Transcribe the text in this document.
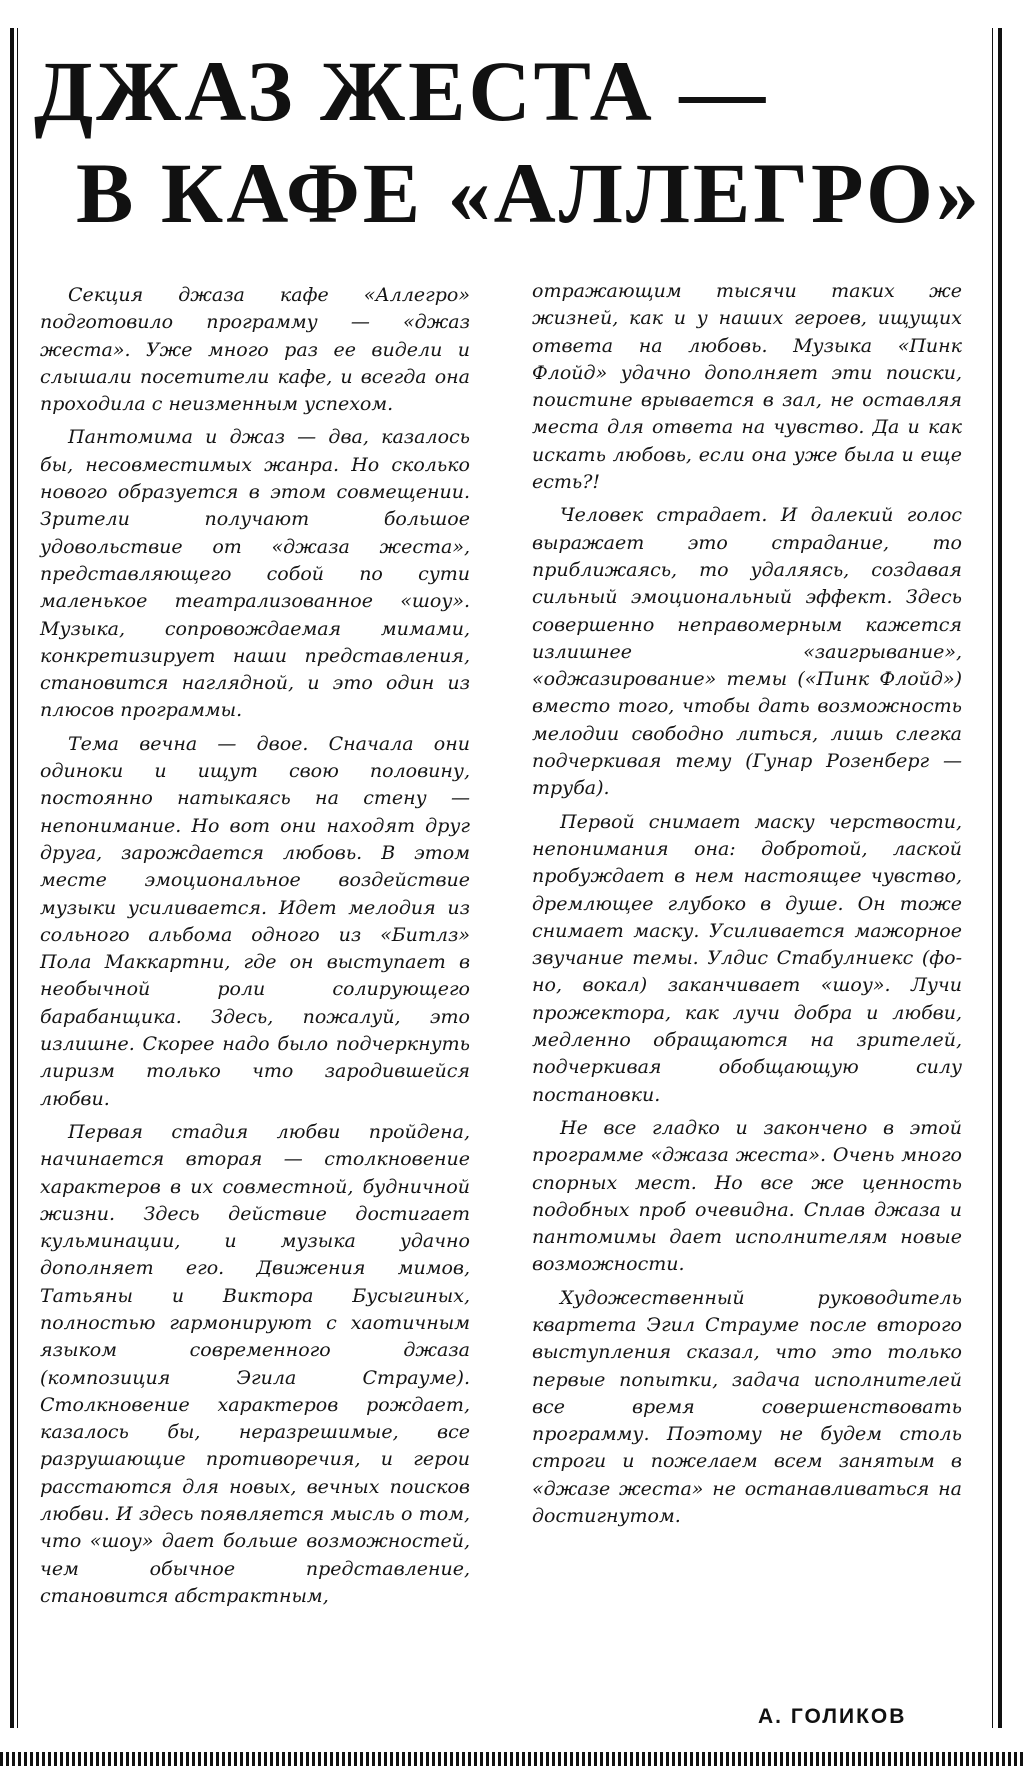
ДЖАЗ ЖЕСТА —
В КАФЕ «АЛЛЕГРО»

Секция джаза кафе «Аллегро» подготовило программу — «джаз жеста». Уже много раз ее видели и слышали посетители кафе, и всегда она проходила с неизменным успехом.

Пантомима и джаз — два, казалось бы, несовместимых жанра. Но сколько нового образуется в этом совмещении. Зрители получают большое удовольствие от «джаза жеста», представляющего собой по сути маленькое театрализованное «шоу». Музыка, сопровождаемая мимами, конкретизирует наши представления, становится наглядной, и это один из плюсов программы.

Тема вечна — двое. Сначала они одиноки и ищут свою половину, постоянно натыкаясь на стену — непонимание. Но вот они находят друг друга, зарождается любовь. В этом месте эмоциональное воздействие музыки усиливается. Идет мелодия из сольного альбома одного из «Битлз» Пола Маккартни, где он выступает в необычной роли солирующего барабанщика. Здесь, пожалуй, это излишне. Скорее надо было подчеркнуть лиризм только что зародившейся любви.

Первая стадия любви пройдена, начинается вторая — столкновение характеров в их совместной, будничной жизни. Здесь действие достигает кульминации, и музыка удачно дополняет его. Движения мимов, Татьяны и Виктора Бусыгиных, полностью гармонируют с хаотичным языком современного джаза (композиция Эгила Страуме). Столкновение характеров рождает, казалось бы, неразрешимые, все разрушающие противоречия, и герои расстаются для новых, вечных поисков любви. И здесь появляется мысль о том, что «шоу» дает больше возможностей, чем обычное представление, становится абстрактным,

отражающим тысячи таких же жизней, как и у наших героев, ищущих ответа на любовь. Музыка «Пинк Флойд» удачно дополняет эти поиски, поистине врывается в зал, не оставляя места для ответа на чувство. Да и как искать любовь, если она уже была и еще есть?!

Человек страдает. И далекий голос выражает это страдание, то приближаясь, то удаляясь, создавая сильный эмоциональный эффект. Здесь совершенно неправомерным кажется излишнее «заигрывание», «оджазирование» темы («Пинк Флойд») вместо того, чтобы дать возможность мелодии свободно литься, лишь слегка подчеркивая тему (Гунар Розенберг — труба).

Первой снимает маску черствости, непонимания она: добротой, лаской пробуждает в нем настоящее чувство, дремлющее глубоко в душе. Он тоже снимает маску. Усиливается мажорное звучание темы. Улдис Стабулниекс (фо-но, вокал) заканчивает «шоу». Лучи прожектора, как лучи добра и любви, медленно обращаются на зрителей, подчеркивая обобщающую силу постановки.

Не все гладко и закончено в этой программе «джаза жеста». Очень много спорных мест. Но все же ценность подобных проб очевидна. Сплав джаза и пантомимы дает исполнителям новые возможности.

Художественный руководитель квартета Эгил Страуме после второго выступления сказал, что это только первые попытки, задача исполнителей все время совершенствовать программу. Поэтому не будем столь строги и пожелаем всем занятым в «джазе жеста» не останавливаться на достигнутом.

А. ГОЛИКОВ
